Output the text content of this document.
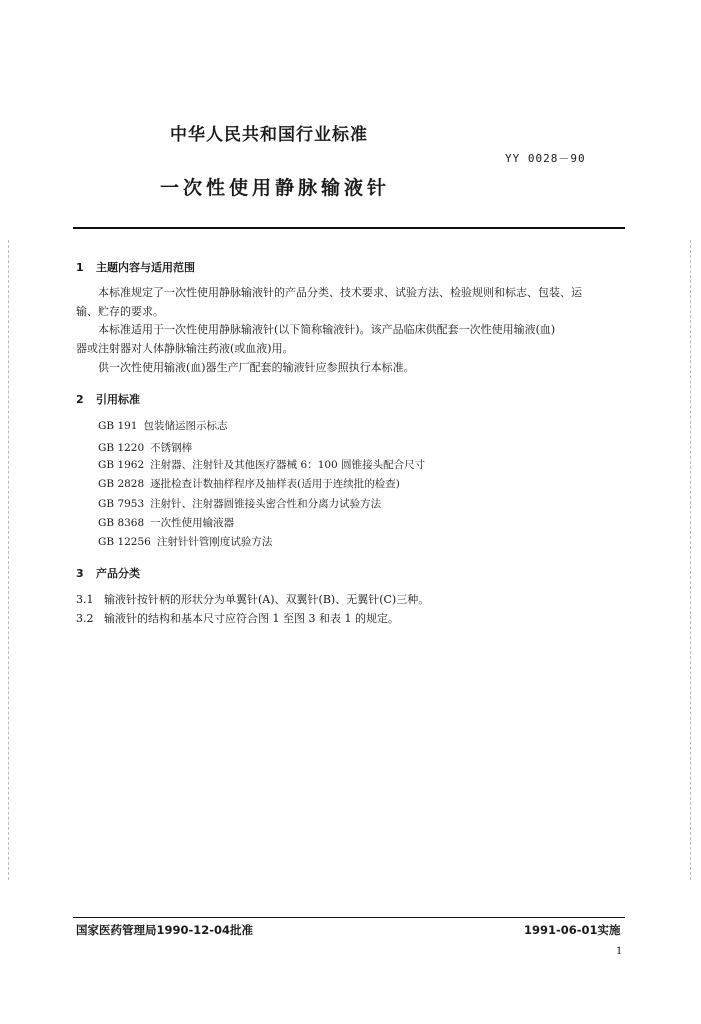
中华人民共和国行业标准
YY 0028－90
一次性使用静脉输液针
1 主题内容与适用范围
本标准规定了一次性使用静脉输液针的产品分类、技术要求、试验方法、检验规则和标志、包装、运
输、贮存的要求。
本标准适用于一次性使用静脉输液针(以下简称输液针)。该产品临床供配套一次性使用输液(血)
器或注射器对人体静脉输注药液(或血液)用。
供一次性使用输液(血)器生产厂配套的输液针应参照执行本标准。
2 引用标准
GB 191 包装储运图示标志
GB 1220 不锈钢棒
GB 1962 注射器、注射针及其他医疗器械 6：100 圆锥接头配合尺寸
GB 2828 逐批检查计数抽样程序及抽样表(适用于连续批的检查)
GB 7953 注射针、注射器圆锥接头密合性和分离力试验方法
GB 8368 一次性使用输液器
GB 12256 注射针针管刚度试验方法
3 产品分类
3.1 输液针按针柄的形状分为单翼针(A)、双翼针(B)、无翼针(C)三种。
3.2 输液针的结构和基本尺寸应符合图 1 至图 3 和表 1 的规定。
国家医药管理局1990-12-04批准	1991-06-01实施
1
